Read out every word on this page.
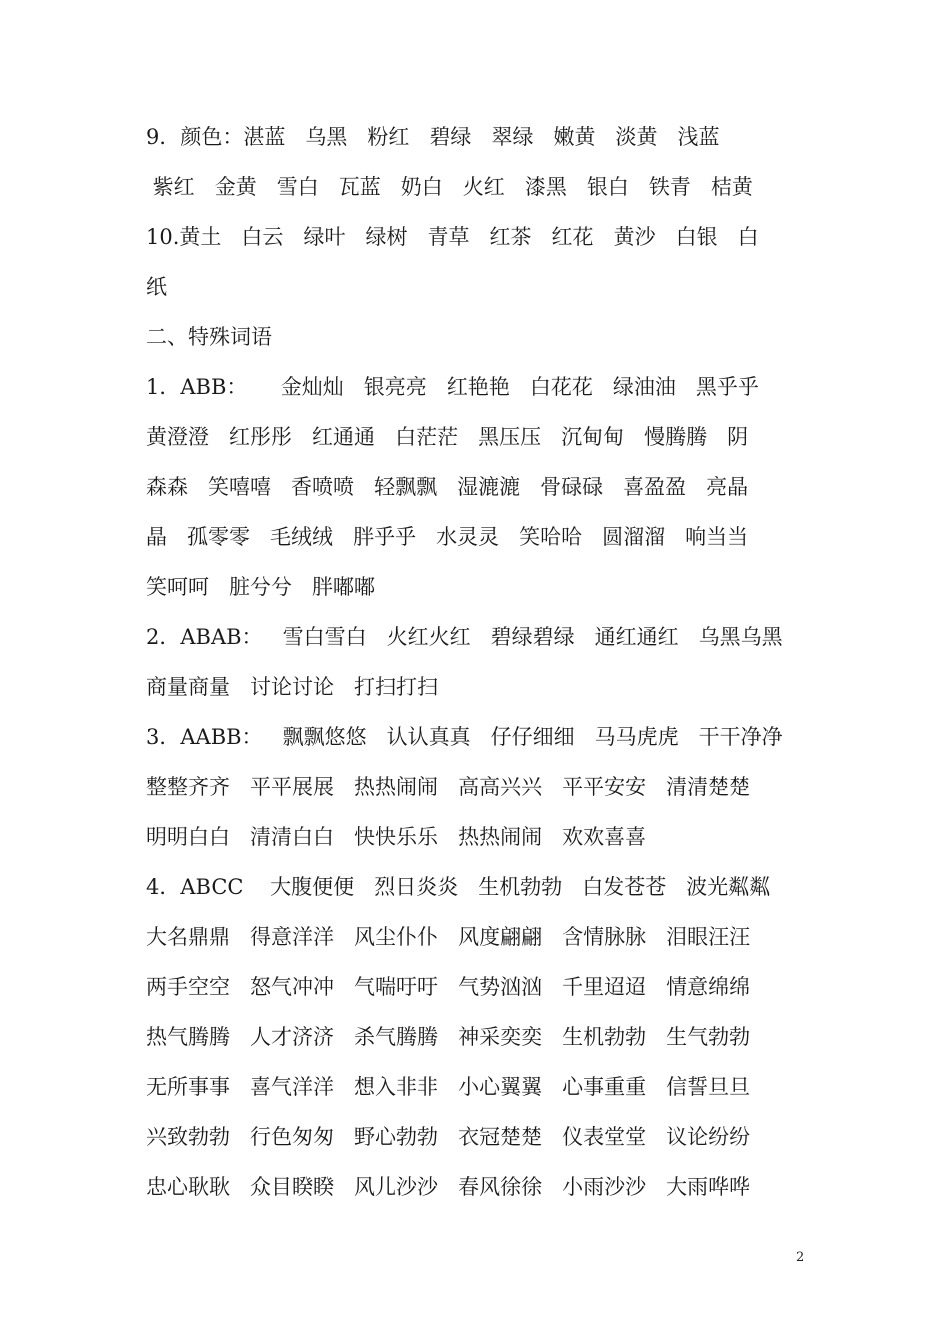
9．颜色：湛蓝   乌黑   粉红   碧绿   翠绿   嫩黄   淡黄   浅蓝
紫红   金黄   雪白   瓦蓝   奶白   火红   漆黑   银白   铁青   桔黄
10.黄土   白云   绿叶   绿树   青草   红茶   红花   黄沙   白银   白
纸
二、特殊词语
1．ABB：     金灿灿   银亮亮   红艳艳   白花花   绿油油   黑乎乎
黄澄澄   红彤彤   红通通   白茫茫   黑压压   沉甸甸   慢腾腾   阴
森森   笑嘻嘻   香喷喷   轻飘飘   湿漉漉   骨碌碌   喜盈盈   亮晶
晶   孤零零   毛绒绒   胖乎乎   水灵灵   笑哈哈   圆溜溜   响当当
笑呵呵   脏兮兮   胖嘟嘟
2．ABAB：   雪白雪白   火红火红   碧绿碧绿   通红通红   乌黑乌黑
商量商量   讨论讨论   打扫打扫
3．AABB：   飘飘悠悠   认认真真   仔仔细细   马马虎虎   干干净净
整整齐齐   平平展展   热热闹闹   高高兴兴   平平安安   清清楚楚
明明白白   清清白白   快快乐乐   热热闹闹   欢欢喜喜
4．ABCC    大腹便便   烈日炎炎   生机勃勃   白发苍苍   波光粼粼
大名鼎鼎   得意洋洋   风尘仆仆   风度翩翩   含情脉脉   泪眼汪汪
两手空空   怒气冲冲   气喘吁吁   气势汹汹   千里迢迢   情意绵绵
热气腾腾   人才济济   杀气腾腾   神采奕奕   生机勃勃   生气勃勃
无所事事   喜气洋洋   想入非非   小心翼翼   心事重重   信誓旦旦
兴致勃勃   行色匆匆   野心勃勃   衣冠楚楚   仪表堂堂   议论纷纷
忠心耿耿   众目睽睽   风儿沙沙   春风徐徐   小雨沙沙   大雨哗哗
2
